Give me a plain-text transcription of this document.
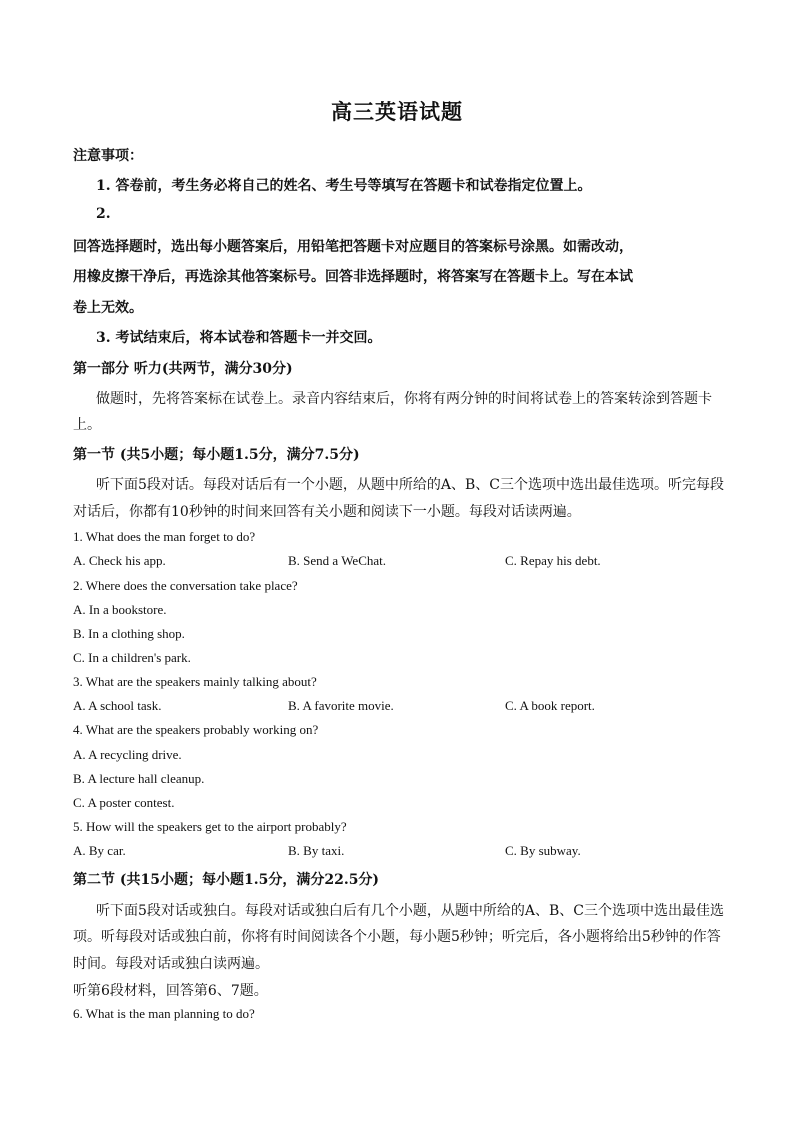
高三英语试题
注意事项：
1. 答卷前，考生务必将自己的姓名、考生号等填写在答题卡和试卷指定位置上。
2.
回答选择题时，选出每小题答案后，用铅笔把答题卡对应题目的答案标号涂黑。如需改动，
用橡皮擦干净后，再选涂其他答案标号。回答非选择题时，将答案写在答题卡上。写在本试
卷上无效。
3. 考试结束后，将本试卷和答题卡一并交回。
第一部分 听力(共两节，满分30分)
做题时，先将答案标在试卷上。录音内容结束后，你将有两分钟的时间将试卷上的答案转涂到答题卡
上。
第一节 (共5小题；每小题1.5分，满分7.5分)
听下面5段对话。每段对话后有一个小题，从题中所给的A、B、C三个选项中选出最佳选项。听完每段
对话后，你都有10秒钟的时间来回答有关小题和阅读下一小题。每段对话读两遍。
1. What does the man forget to do?
A. Check his app.	B. Send a WeChat.	C. Repay his debt.
2. Where does the conversation take place?
A. In a bookstore.
B. In a clothing shop.
C. In a children's park.
3. What are the speakers mainly talking about?
A. A school task.	B. A favorite movie.	C. A book report.
4. What are the speakers probably working on?
A. A recycling drive.
B. A lecture hall cleanup.
C. A poster contest.
5. How will the speakers get to the airport probably?
A. By car.	B. By taxi.	C. By subway.
第二节 (共15小题；每小题1.5分，满分22.5分)
听下面5段对话或独白。每段对话或独白后有几个小题，从题中所给的A、B、C三个选项中选出最佳选
项。听每段对话或独白前，你将有时间阅读各个小题，每小题5秒钟；听完后，各小题将给出5秒钟的作答
时间。每段对话或独白读两遍。
听第6段材料，回答第6、7题。
6. What is the man planning to do?
